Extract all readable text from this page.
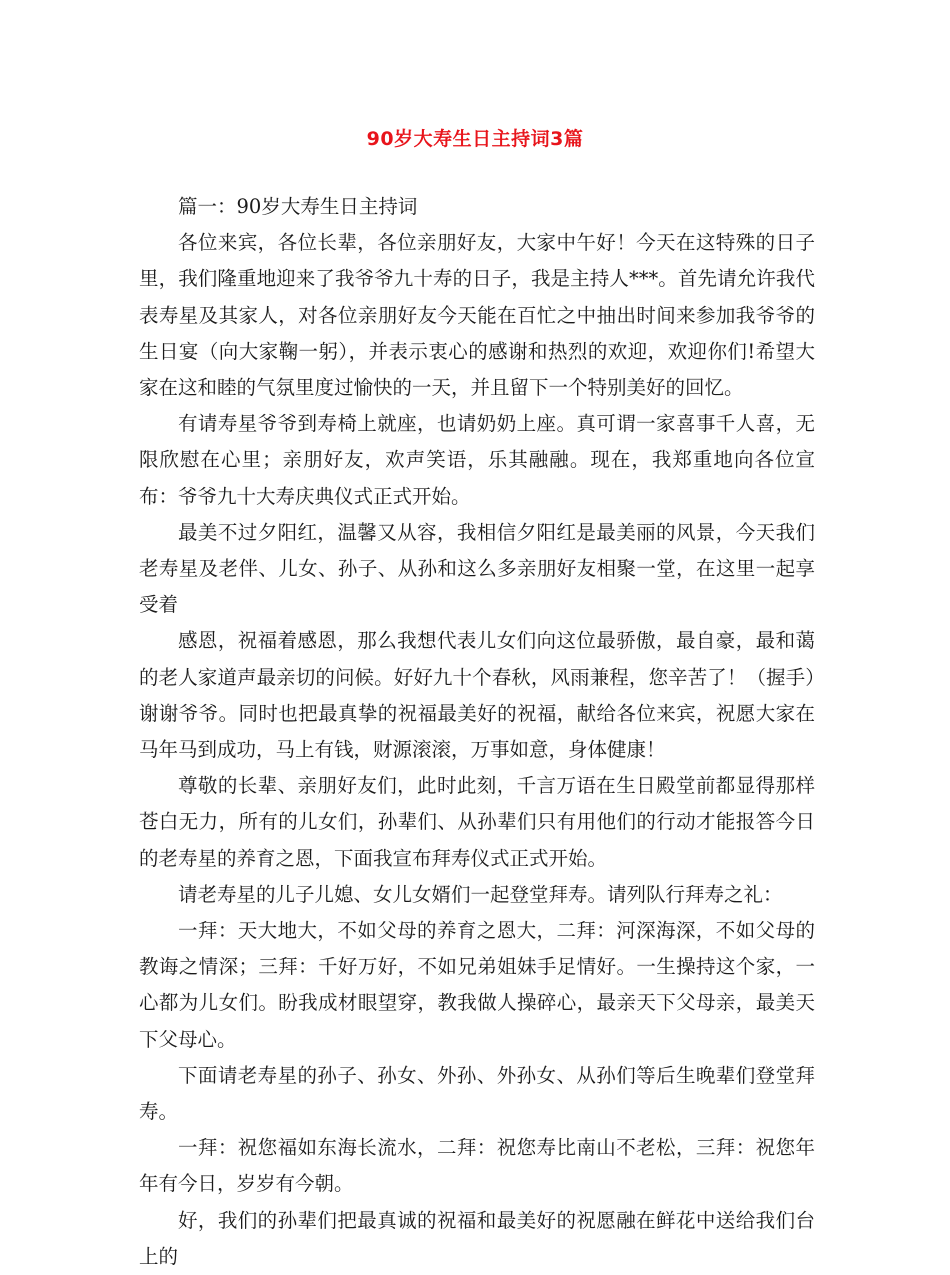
90岁大寿生日主持词3篇

篇一：90岁大寿生日主持词

各位来宾，各位长辈，各位亲朋好友，大家中午好！今天在这特殊的日子里，我们隆重地迎来了我爷爷九十寿的日子，我是主持人***。首先请允许我代表寿星及其家人，对各位亲朋好友今天能在百忙之中抽出时间来参加我爷爷的生日宴（向大家鞠一躬），并表示衷心的感谢和热烈的欢迎，欢迎你们!希望大家在这和睦的气氛里度过愉快的一天，并且留下一个特别美好的回忆。

有请寿星爷爷到寿椅上就座，也请奶奶上座。真可谓一家喜事千人喜，无限欣慰在心里；亲朋好友，欢声笑语，乐其融融。现在，我郑重地向各位宣布：爷爷九十大寿庆典仪式正式开始。

最美不过夕阳红，温馨又从容，我相信夕阳红是最美丽的风景，今天我们老寿星及老伴、儿女、孙子、从孙和这么多亲朋好友相聚一堂，在这里一起享受着

感恩，祝福着感恩，那么我想代表儿女们向这位最骄傲，最自豪，最和蔼的老人家道声最亲切的问候。好好九十个春秋，风雨兼程，您辛苦了！（握手）谢谢爷爷。同时也把最真挚的祝福最美好的祝福，献给各位来宾，祝愿大家在马年马到成功，马上有钱，财源滚滚，万事如意，身体健康！

尊敬的长辈、亲朋好友们，此时此刻，千言万语在生日殿堂前都显得那样苍白无力，所有的儿女们，孙辈们、从孙辈们只有用他们的行动才能报答今日的老寿星的养育之恩，下面我宣布拜寿仪式正式开始。

请老寿星的儿子儿媳、女儿女婿们一起登堂拜寿。请列队行拜寿之礼：

一拜：天大地大，不如父母的养育之恩大，二拜：河深海深，不如父母的教诲之情深；三拜：千好万好，不如兄弟姐妹手足情好。一生操持这个家，一心都为儿女们。盼我成材眼望穿，教我做人操碎心，最亲天下父母亲，最美天下父母心。

下面请老寿星的孙子、孙女、外孙、外孙女、从孙们等后生晚辈们登堂拜寿。

一拜：祝您福如东海长流水，二拜：祝您寿比南山不老松，三拜：祝您年年有今日，岁岁有今朝。

好，我们的孙辈们把最真诚的祝福和最美好的祝愿融在鲜花中送给我们台上的
